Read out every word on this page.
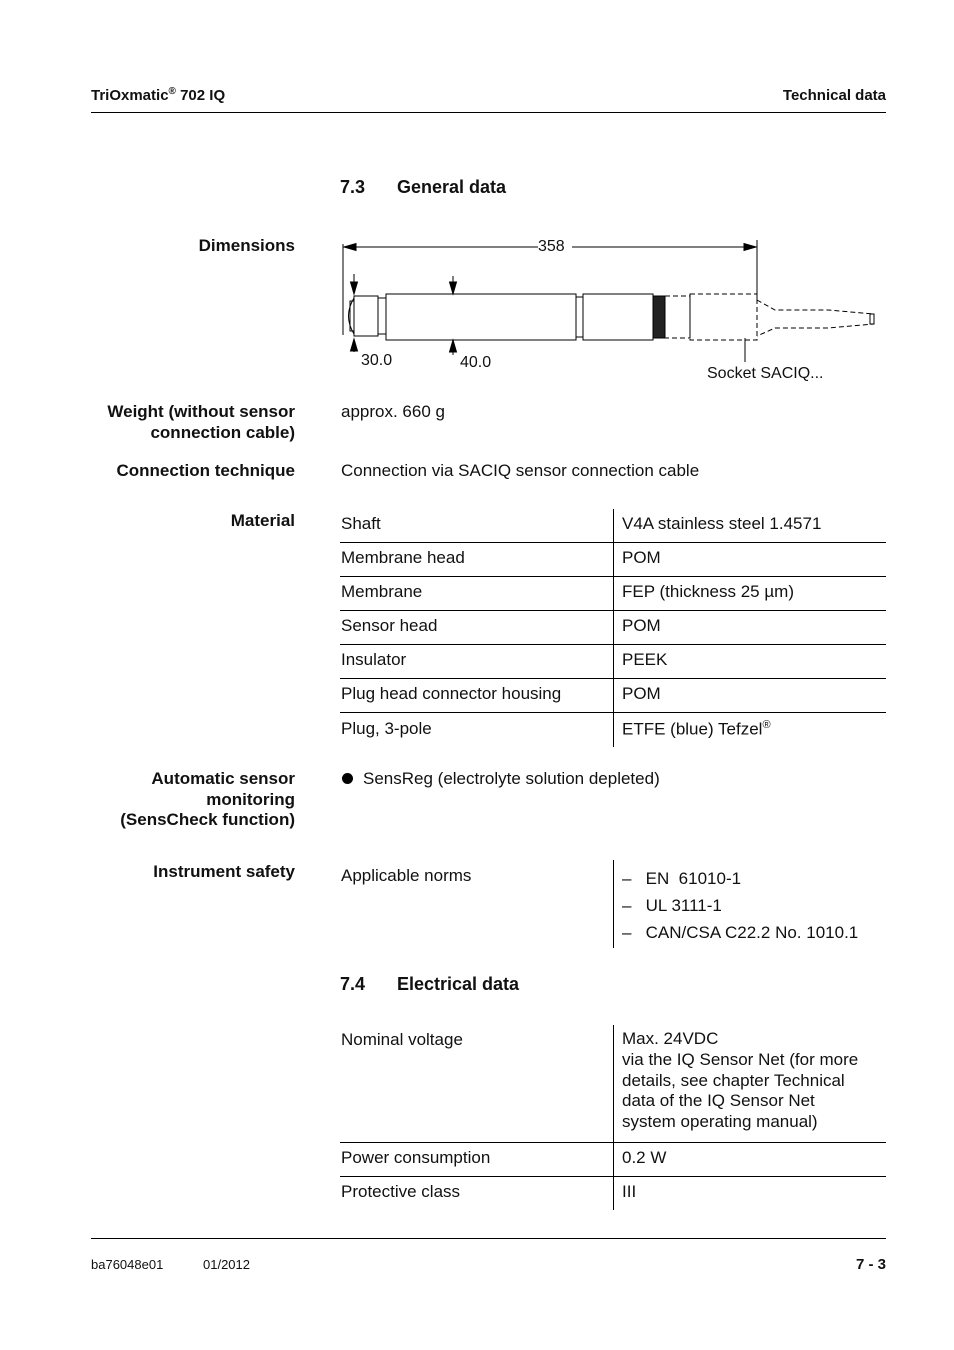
TriOxmatic® 702 IQ	Technical data
7.3 General data
Dimensions	358
30.0	40.0
Socket SACIQ...
Weight (without sensor
connection cable)
approx. 660 g
Connection technique	Connection via SACIQ sensor connection cable
Material	Shaft	V4A stainless steel 1.4571
Membrane head	POM
Membrane	FEP (thickness 25 µm)
Sensor head	POM
Insulator	PEEK
Plug head connector housing	POM
Plug, 3-pole	ETFE (blue) Tefzel®
Automatic sensor
monitoring
(SensCheck function)
SensReg (electrolyte solution depleted)
Instrument safety	Applicable norms	–   EN  61010-1
–   UL 3111-1
–   CAN/CSA C22.2 No. 1010.1
7.4 Electrical data
Nominal voltage	Max. 24VDC
via the IQ Sensor Net (for more
details, see chapter Technical
data of the IQ Sensor Net
system operating manual)
Power consumption	0.2 W
Protective class	III
ba76048e01	01/2012	7 - 3
